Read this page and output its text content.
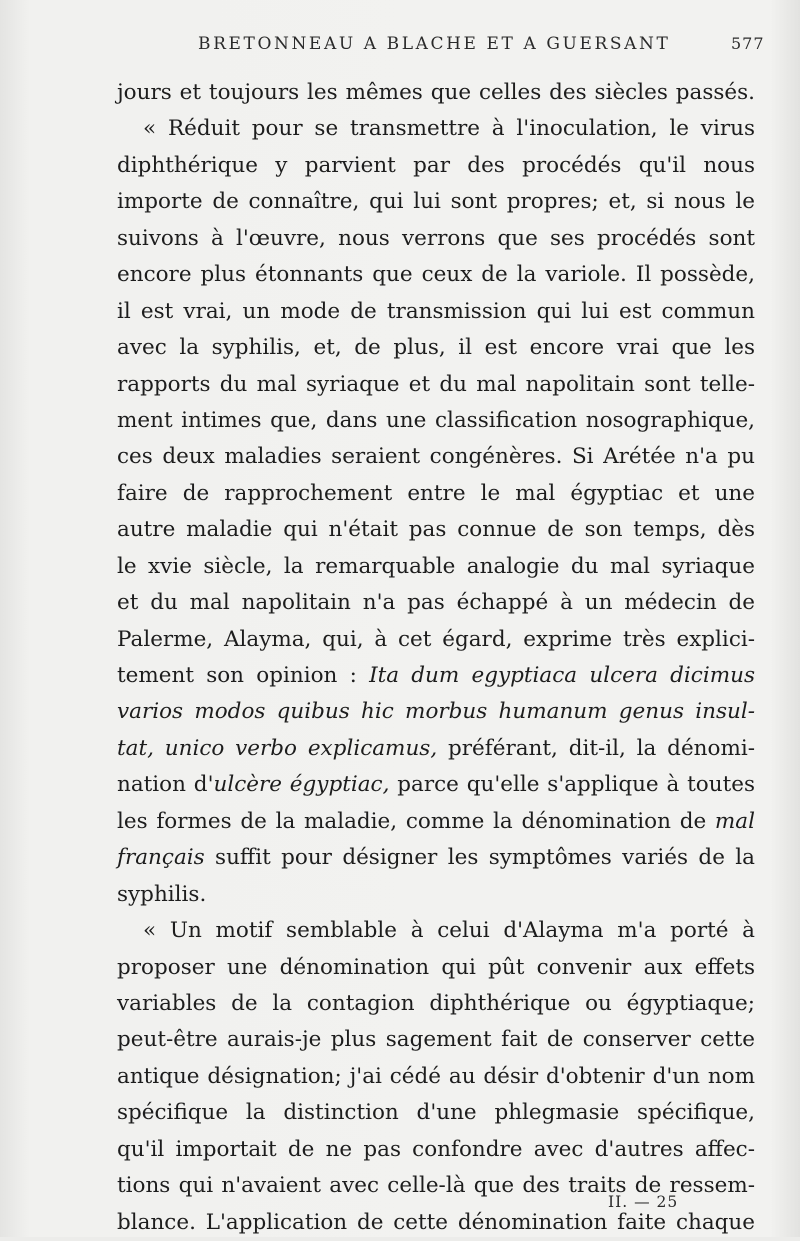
BRETONNEAU A BLACHE ET A GUERSANT	577
jours et toujours les mêmes que celles des siècles passés.
« Réduit pour se transmettre à l'inoculation, le virus
diphthérique y parvient par des procédés qu'il nous
importe de connaître, qui lui sont propres; et, si nous le
suivons à l'œuvre, nous verrons que ses procédés sont
encore plus étonnants que ceux de la variole. Il possède,
il est vrai, un mode de transmission qui lui est commun
avec la syphilis, et, de plus, il est encore vrai que les
rapports du mal syriaque et du mal napolitain sont telle-
ment intimes que, dans une classification nosographique,
ces deux maladies seraient congénères. Si Arétée n'a pu
faire de rapprochement entre le mal égyptiac et une
autre maladie qui n'était pas connue de son temps, dès
le xvie siècle, la remarquable analogie du mal syriaque
et du mal napolitain n'a pas échappé à un médecin de
Palerme, Alayma, qui, à cet égard, exprime très explici-
tement son opinion : Ita dum egyptiaca ulcera dicimus
varios modos quibus hic morbus humanum genus insul-
tat, unico verbo explicamus, préférant, dit-il, la dénomi-
nation d'ulcère égyptiac, parce qu'elle s'applique à toutes
les formes de la maladie, comme la dénomination de mal
français suffit pour désigner les symptômes variés de la
syphilis.
« Un motif semblable à celui d'Alayma m'a porté à
proposer une dénomination qui pût convenir aux effets
variables de la contagion diphthérique ou égyptiaque;
peut-être aurais-je plus sagement fait de conserver cette
antique désignation; j'ai cédé au désir d'obtenir d'un nom
spécifique la distinction d'une phlegmasie spécifique,
qu'il importait de ne pas confondre avec d'autres affec-
tions qui n'avaient avec celle-là que des traits de ressem-
blance. L'application de cette dénomination faite chaque
II. — 25
